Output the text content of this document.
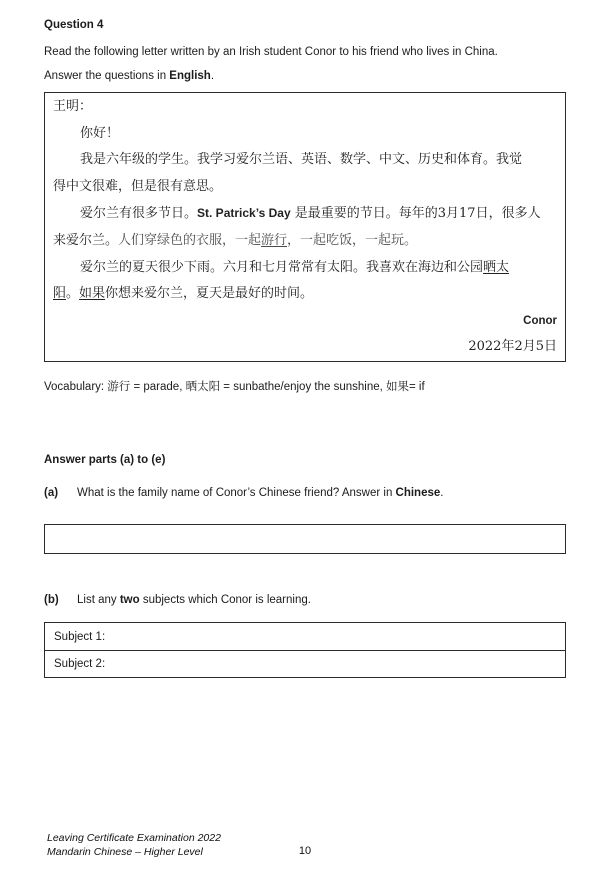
Question 4
Read the following letter written by an Irish student Conor to his friend who lives in China.
Answer the questions in English.
王明：
你好！
我是六年级的学生。我学习爱尔兰语、英语、数学、中文、历史和体育。我觉
得中文很难，但是很有意思。
爱尔兰有很多节日。St. Patrick’s Day 是最重要的节日。每年的3月17日，很多人
来爱尔兰。人们穿绿色的衣服，一起游行，一起吃饭，一起玩。
爱尔兰的夏天很少下雨。六月和七月常常有太阳。我喜欢在海边和公园晒太
阳。如果你想来爱尔兰，夏天是最好的时间。
Conor
2022年2月5日
Vocabulary: 游行 = parade, 晒太阳 = sunbathe/enjoy the sunshine, 如果= if
Answer parts (a) to (e)
(a) What is the family name of Conor’s Chinese friend? Answer in Chinese.
(b) List any two subjects which Conor is learning.
Subject 1:
Subject 2:
Leaving Certificate Examination 2022
Mandarin Chinese – Higher Level	10
